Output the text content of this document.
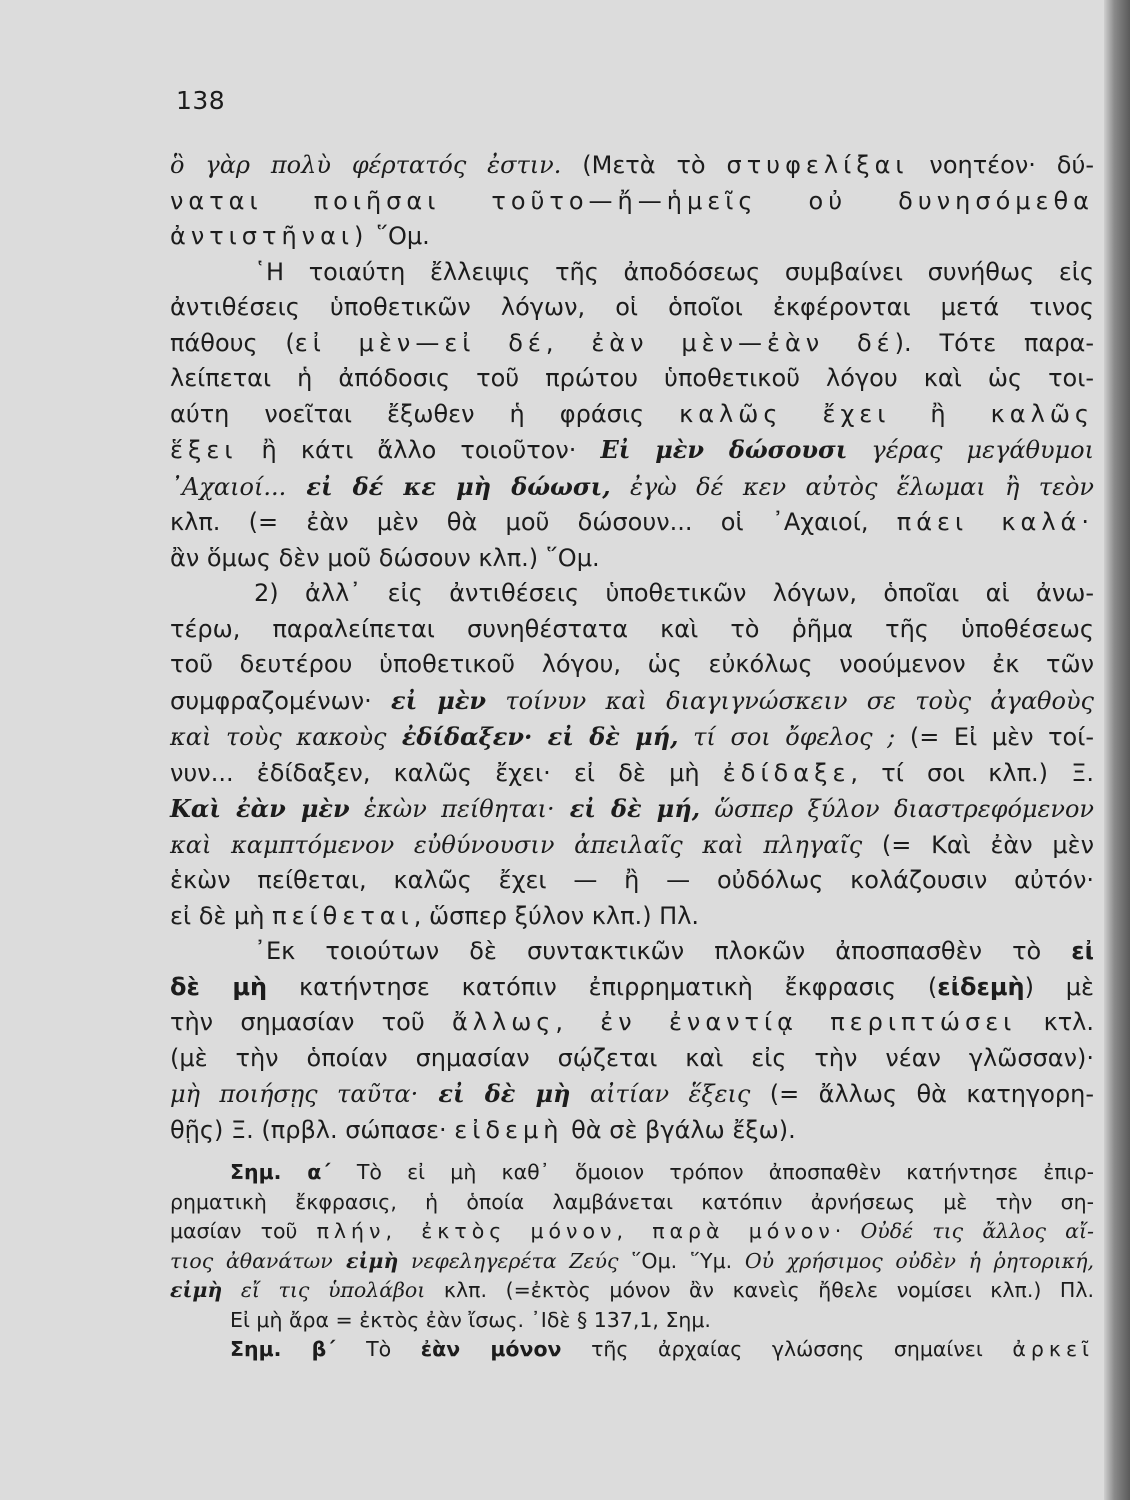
138
ὃ γὰρ πολὺ φέρτατός ἐστιν. (Μετὰ τὸ στυφελίξαι νοητέον· δύ-
ναται ποιῆσαι τοῦτο—ἤ—ἡμεῖς οὐ δυνησόμεθα
ἀντιστῆναι) ῞Ομ.
῾Η τοιαύτη ἔλλειψις τῆς ἀποδόσεως συμβαίνει συνήθως εἰς
ἀντιθέσεις ὑποθετικῶν λόγων, οἱ ὁποῖοι ἐκφέρονται μετά τινος
πάθους (εἰ μὲν—εἰ δέ, ἐὰν μὲν—ἐὰν δέ). Τότε παρα-
λείπεται ἡ ἀπόδοσις τοῦ πρώτου ὑποθετικοῦ λόγου καὶ ὡς τοι-
αύτη νοεῖται ἔξωθεν ἡ φράσις καλῶς ἔχει ἢ καλῶς
ἕξει ἢ κάτι ἄλλο τοιοῦτον· Εἰ μὲν δώσουσι γέρας μεγάθυμοι
᾿Αχαιοί... εἰ δέ κε μὴ δώωσι, ἐγὼ δέ κεν αὐτὸς ἕλωμαι ἢ τεὸν
κλπ. (= ἐὰν μὲν θὰ μοῦ δώσουν... οἱ ᾿Αχαιοί, πάει καλά·
ἂν ὅμως δὲν μοῦ δώσουν κλπ.) ῞Ομ.
2) ἀλλ᾿ εἰς ἀντιθέσεις ὑποθετικῶν λόγων, ὁποῖαι αἱ ἀνω-
τέρω, παραλείπεται συνηθέστατα καὶ τὸ ῥῆμα τῆς ὑποθέσεως
τοῦ δευτέρου ὑποθετικοῦ λόγου, ὡς εὐκόλως νοούμενον ἐκ τῶν
συμφραζομένων· εἰ μὲν τοίνυν καὶ διαγιγνώσκειν σε τοὺς ἀγαθοὺς
καὶ τοὺς κακοὺς ἐδίδαξεν· εἰ δὲ μή, τί σοι ὄφελος ; (= Εἰ μὲν τοί-
νυν... ἐδίδαξεν, καλῶς ἔχει· εἰ δὲ μὴ ἐδίδαξε, τί σοι κλπ.) Ξ.
Καὶ ἐὰν μὲν ἑκὼν πείθηται· εἰ δὲ μή, ὥσπερ ξύλον διαστρεφόμενον
καὶ καμπτόμενον εὐθύνουσιν ἀπειλαῖς καὶ πληγαῖς (= Καὶ ἐὰν μὲν
ἑκὼν πείθεται, καλῶς ἔχει — ἢ — οὐδόλως κολάζουσιν αὐτόν·
εἰ δὲ μὴ πείθεται, ὥσπερ ξύλον κλπ.) Πλ.
᾿Εκ τοιούτων δὲ συντακτικῶν πλοκῶν ἀποσπασθὲν τὸ εἰ
δὲ μὴ κατήντησε κατόπιν ἐπιρρηματικὴ ἔκφρασις (εἰδεμὴ) μὲ
τὴν σημασίαν τοῦ ἄλλως, ἐν ἐναντίᾳ περιπτώσει κτλ.
(μὲ τὴν ὁποίαν σημασίαν σῴζεται καὶ εἰς τὴν νέαν γλῶσσαν)·
μὴ ποιήσῃς ταῦτα· εἰ δὲ μὴ αἰτίαν ἕξεις (= ἄλλως θὰ κατηγορη-
θῇς) Ξ. (πρβλ. σώπασε· εἰδεμὴ θὰ σὲ βγάλω ἔξω).
Σημ. α´ Τὸ εἰ μὴ καθ᾿ ὅμοιον τρόπον ἀποσπαθὲν κατήντησε ἐπιρ-
ρηματικὴ ἔκφρασις, ἡ ὁποία λαμβάνεται κατόπιν ἀρνήσεως μὲ τὴν ση-
μασίαν τοῦ πλήν, ἐκτὸς μόνον, παρὰ μόνον· Οὐδέ τις ἄλλος αἴ-
τιος ἀθανάτων εἰμὴ νεφεληγερέτα Ζεύς ῞Ομ. ῞Υμ. Οὐ χρήσιμος οὐδὲν ἡ ῥητορική,
εἰμὴ εἴ τις ὑπολάβοι κλπ. (=ἐκτὸς μόνον ἂν κανεὶς ἤθελε νομίσει κλπ.) Πλ.
Εἰ μὴ ἄρα = ἐκτὸς ἐὰν ἴσως. ᾿Ιδὲ § 137,1, Σημ.
Σημ. β´ Τὸ ἐὰν μόνον τῆς ἀρχαίας γλώσσης σημαίνει ἀρκεῖ
